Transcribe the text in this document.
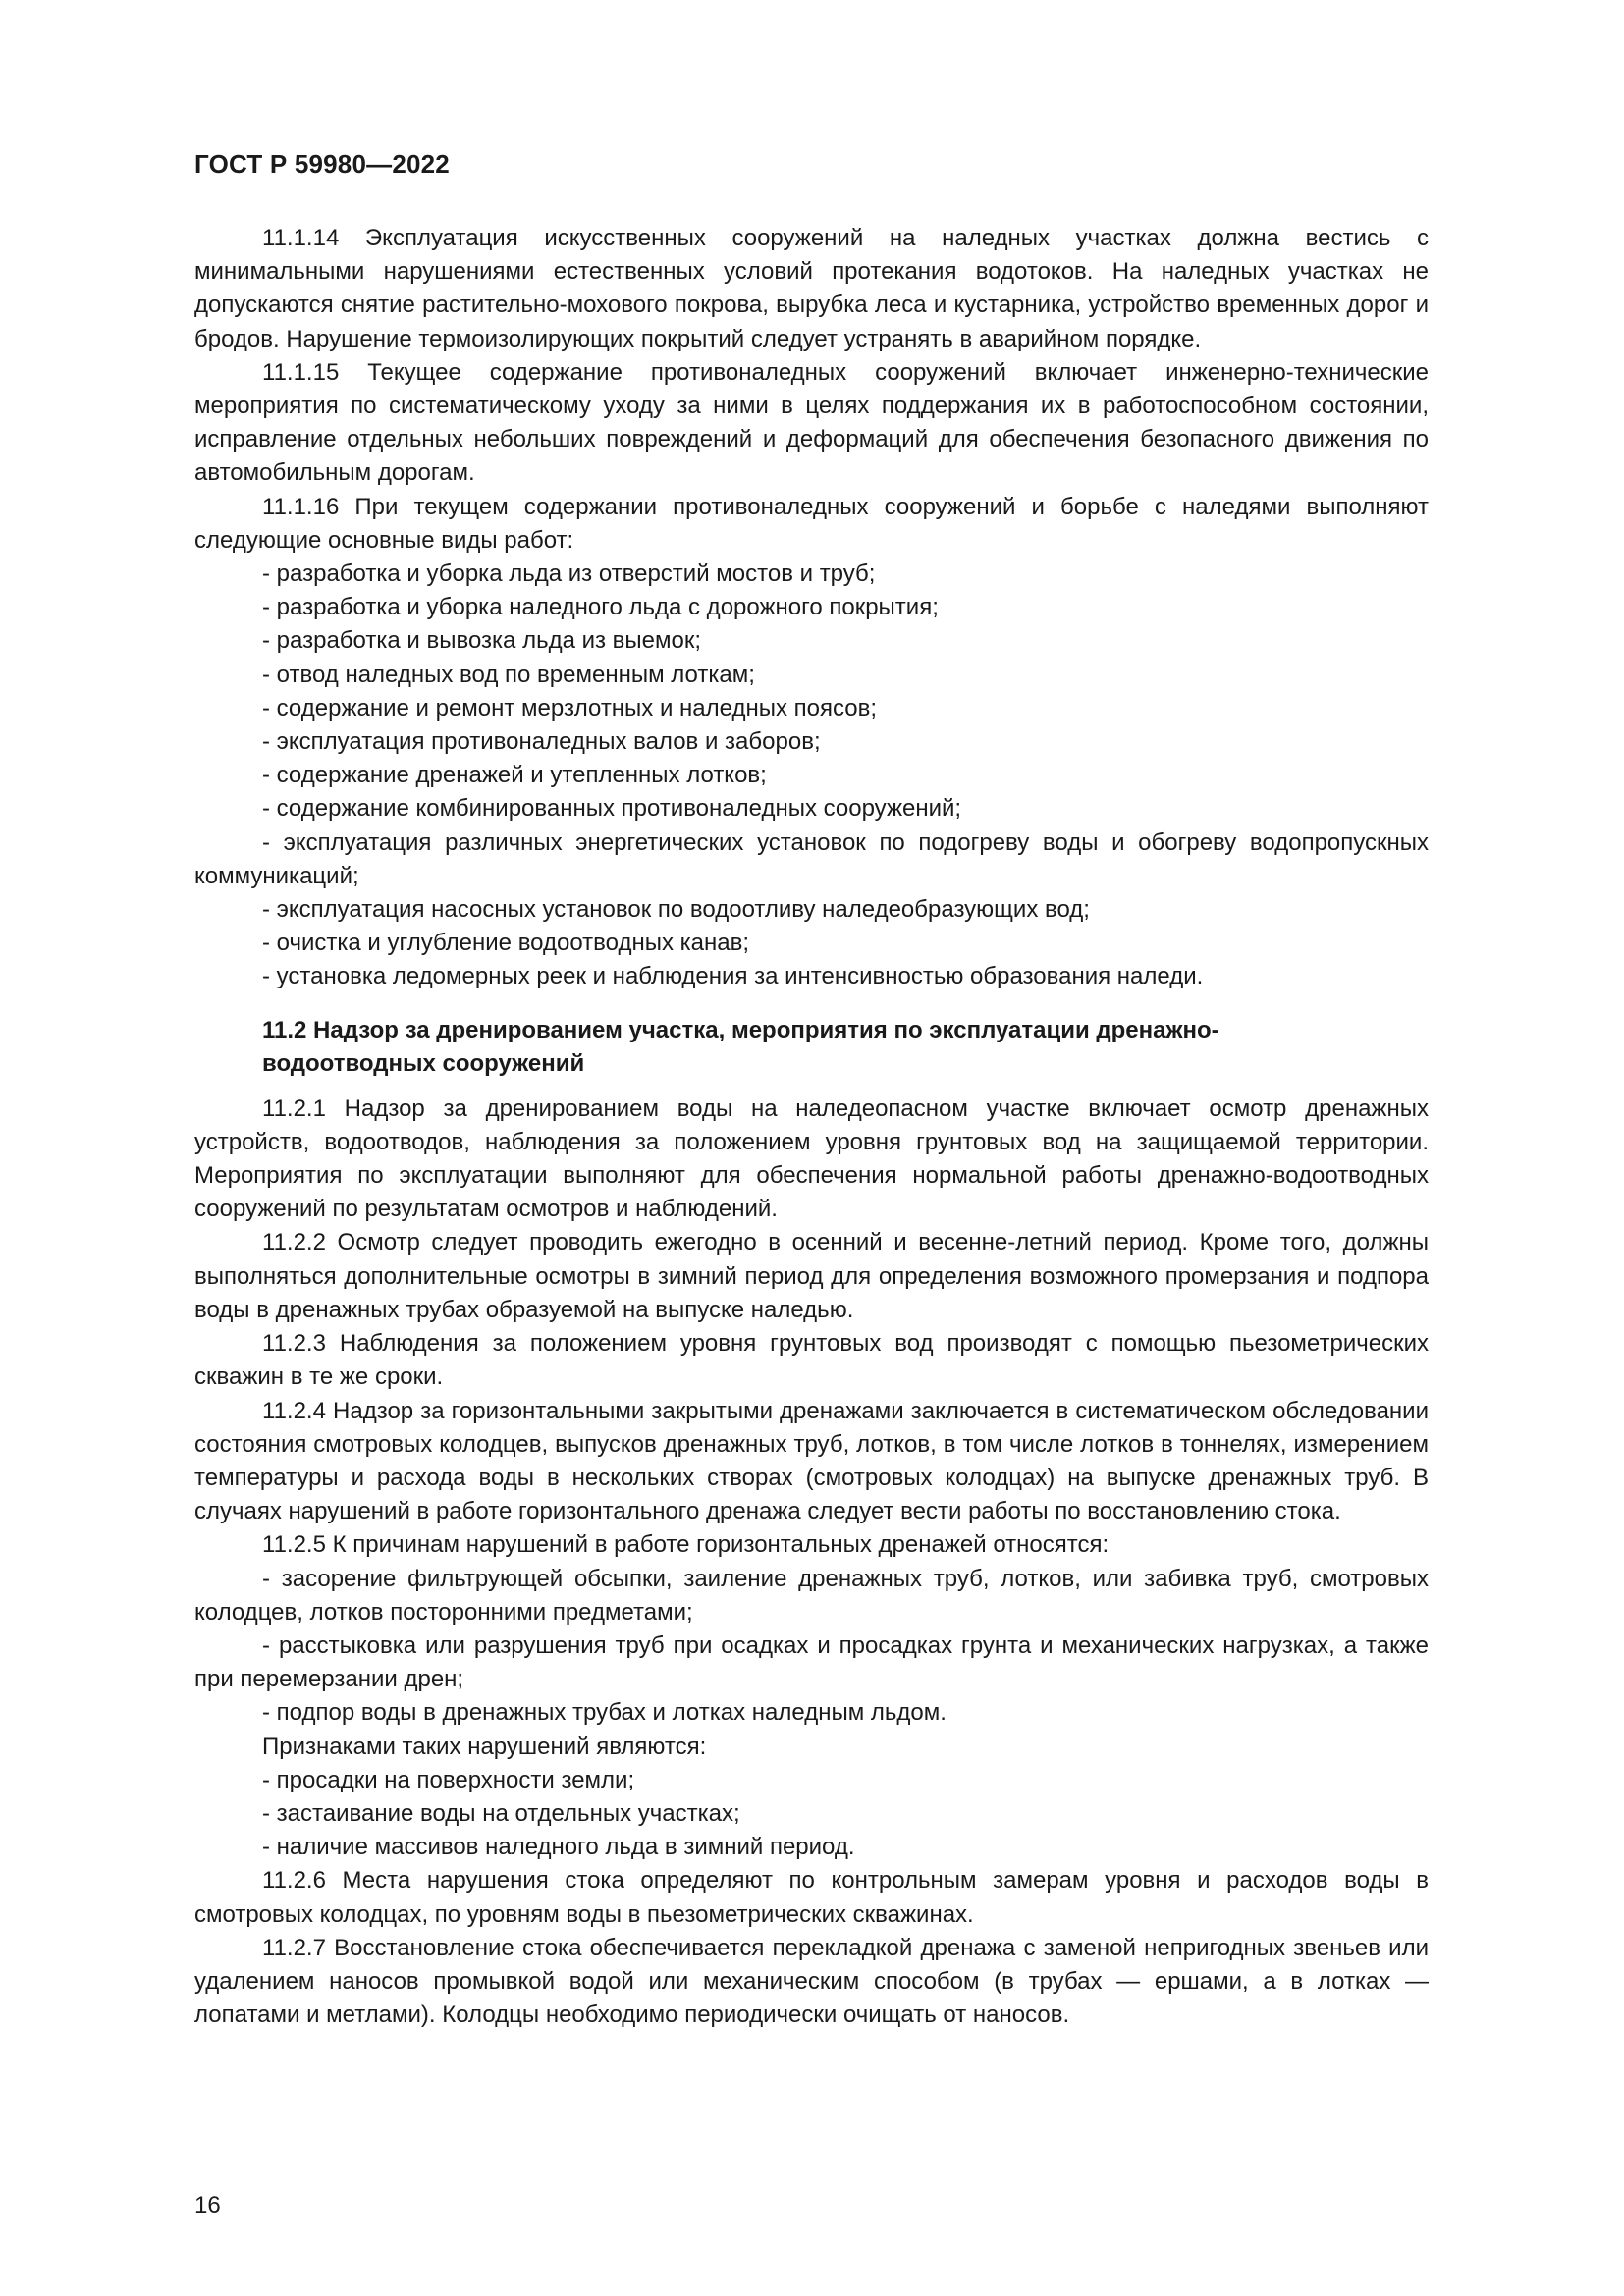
ГОСТ Р 59980—2022

11.1.14 Эксплуатация искусственных сооружений на наледных участках должна вестись с минимальными нарушениями естественных условий протекания водотоков. На наледных участках не допускаются снятие растительно-мохового покрова, вырубка леса и кустарника, устройство временных дорог и бродов. Нарушение термоизолирующих покрытий следует устранять в аварийном порядке.

11.1.15 Текущее содержание противоналедных сооружений включает инженерно-технические мероприятия по систематическому уходу за ними в целях поддержания их в работоспособном состоянии, исправление отдельных небольших повреждений и деформаций для обеспечения безопасного движения по автомобильным дорогам.

11.1.16 При текущем содержании противоналедных сооружений и борьбе с наледями выполняют следующие основные виды работ:

- разработка и уборка льда из отверстий мостов и труб;

- разработка и уборка наледного льда с дорожного покрытия;

- разработка и вывозка льда из выемок;

- отвод наледных вод по временным лоткам;

- содержание и ремонт мерзлотных и наледных поясов;

- эксплуатация противоналедных валов и заборов;

- содержание дренажей и утепленных лотков;

- содержание комбинированных противоналедных сооружений;

- эксплуатация различных энергетических установок по подогреву воды и обогреву водопропускных коммуникаций;

- эксплуатация насосных установок по водоотливу наледеобразующих вод;

- очистка и углубление водоотводных канав;

- установка ледомерных реек и наблюдения за интенсивностью образования наледи.

11.2 Надзор за дренированием участка, мероприятия по эксплуатации дренажно-
водоотводных сооружений

11.2.1 Надзор за дренированием воды на наледеопасном участке включает осмотр дренажных устройств, водоотводов, наблюдения за положением уровня грунтовых вод на защищаемой территории. Мероприятия по эксплуатации выполняют для обеспечения нормальной работы дренажно-водоотводных сооружений по результатам осмотров и наблюдений.

11.2.2 Осмотр следует проводить ежегодно в осенний и весенне-летний период. Кроме того, должны выполняться дополнительные осмотры в зимний период для определения возможного промерзания и подпора воды в дренажных трубах образуемой на выпуске наледью.

11.2.3 Наблюдения за положением уровня грунтовых вод производят с помощью пьезометрических скважин в те же сроки.

11.2.4 Надзор за горизонтальными закрытыми дренажами заключается в систематическом обследовании состояния смотровых колодцев, выпусков дренажных труб, лотков, в том числе лотков в тоннелях, измерением температуры и расхода воды в нескольких створах (смотровых колодцах) на выпуске дренажных труб. В случаях нарушений в работе горизонтального дренажа следует вести работы по восстановлению стока.

11.2.5 К причинам нарушений в работе горизонтальных дренажей относятся:

- засорение фильтрующей обсыпки, заиление дренажных труб, лотков, или забивка труб, смотровых колодцев, лотков посторонними предметами;

- расстыковка или разрушения труб при осадках и просадках грунта и механических нагрузках, а также при перемерзании дрен;

- подпор воды в дренажных трубах и лотках наледным льдом.

Признаками таких нарушений являются:

- просадки на поверхности земли;

- застаивание воды на отдельных участках;

- наличие массивов наледного льда в зимний период.

11.2.6 Места нарушения стока определяют по контрольным замерам уровня и расходов воды в смотровых колодцах, по уровням воды в пьезометрических скважинах.

11.2.7 Восстановление стока обеспечивается перекладкой дренажа с заменой непригодных звеньев или удалением наносов промывкой водой или механическим способом (в трубах — ершами, а в лотках — лопатами и метлами). Колодцы необходимо периодически очищать от наносов.

16
